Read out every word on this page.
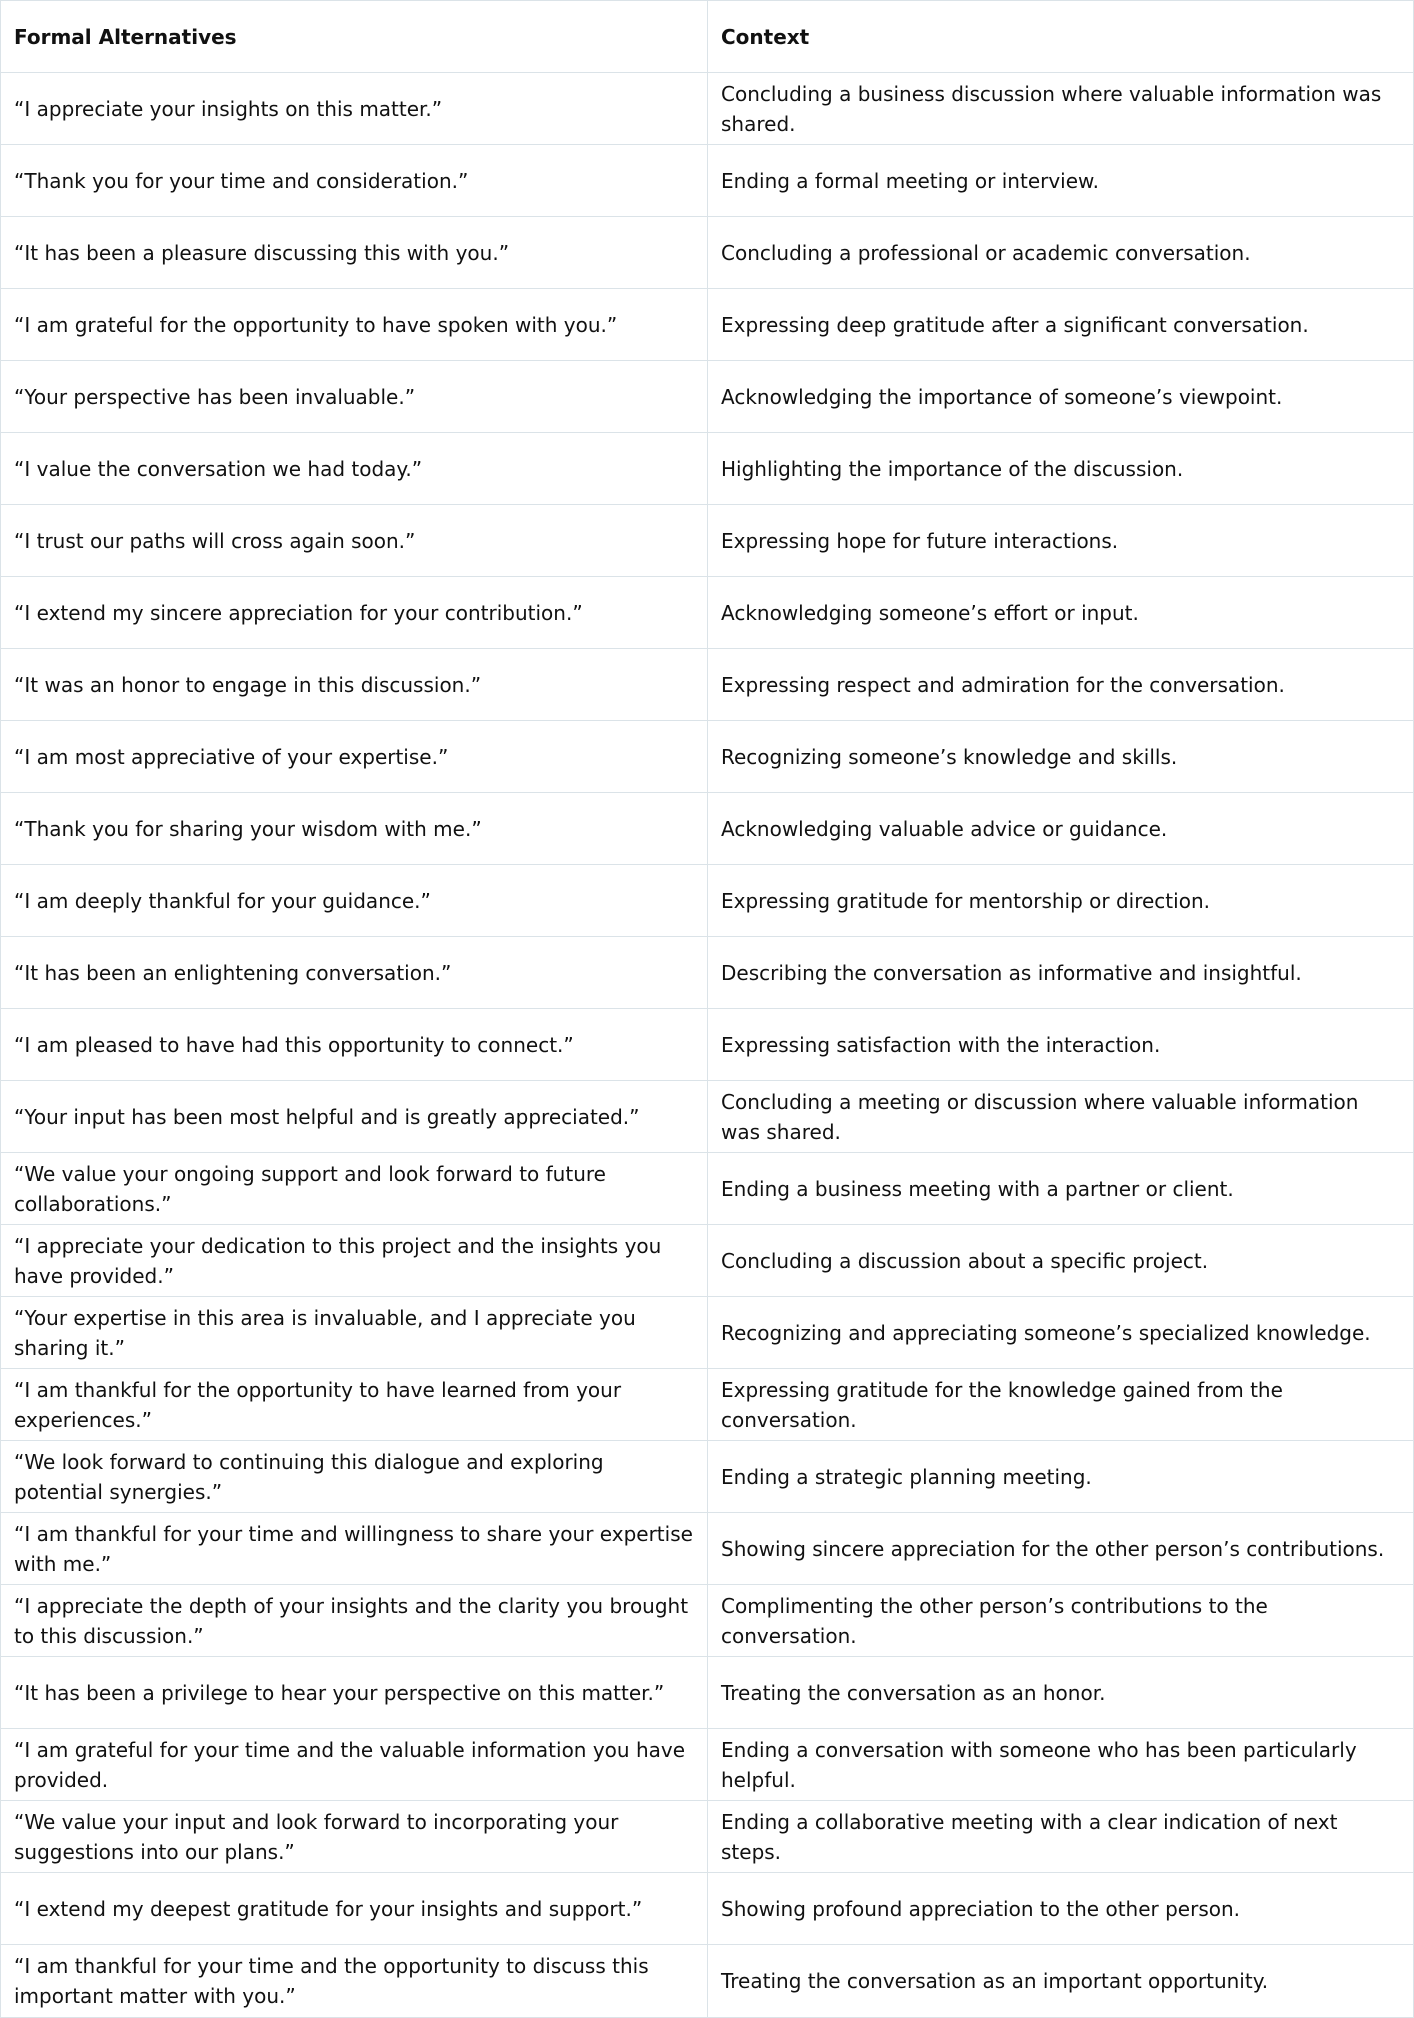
Formal Alternatives	Context
“I appreciate your insights on this matter.”	Concluding a business discussion where valuable information was shared.
“Thank you for your time and consideration.”	Ending a formal meeting or interview.
“It has been a pleasure discussing this with you.”	Concluding a professional or academic conversation.
“I am grateful for the opportunity to have spoken with you.”	Expressing deep gratitude after a significant conversation.
“Your perspective has been invaluable.”	Acknowledging the importance of someone’s viewpoint.
“I value the conversation we had today.”	Highlighting the importance of the discussion.
“I trust our paths will cross again soon.”	Expressing hope for future interactions.
“I extend my sincere appreciation for your contribution.”	Acknowledging someone’s effort or input.
“It was an honor to engage in this discussion.”	Expressing respect and admiration for the conversation.
“I am most appreciative of your expertise.”	Recognizing someone’s knowledge and skills.
“Thank you for sharing your wisdom with me.”	Acknowledging valuable advice or guidance.
“I am deeply thankful for your guidance.”	Expressing gratitude for mentorship or direction.
“It has been an enlightening conversation.”	Describing the conversation as informative and insightful.
“I am pleased to have had this opportunity to connect.”	Expressing satisfaction with the interaction.
“Your input has been most helpful and is greatly appreciated.”	Concluding a meeting or discussion where valuable information was shared.
“We value your ongoing support and look forward to future collaborations.”	Ending a business meeting with a partner or client.
“I appreciate your dedication to this project and the insights you have provided.”	Concluding a discussion about a specific project.
“Your expertise in this area is invaluable, and I appreciate you sharing it.”	Recognizing and appreciating someone’s specialized knowledge.
“I am thankful for the opportunity to have learned from your experiences.”	Expressing gratitude for the knowledge gained from the conversation.
“We look forward to continuing this dialogue and exploring potential synergies.”	Ending a strategic planning meeting.
“I am thankful for your time and willingness to share your expertise with me.”	Showing sincere appreciation for the other person’s contributions.
“I appreciate the depth of your insights and the clarity you brought to this discussion.”	Complimenting the other person’s contributions to the conversation.
“It has been a privilege to hear your perspective on this matter.”	Treating the conversation as an honor.
“I am grateful for your time and the valuable information you have provided.	Ending a conversation with someone who has been particularly helpful.
“We value your input and look forward to incorporating your suggestions into our plans.”	Ending a collaborative meeting with a clear indication of next steps.
“I extend my deepest gratitude for your insights and support.”	Showing profound appreciation to the other person.
“I am thankful for your time and the opportunity to discuss this important matter with you.”	Treating the conversation as an important opportunity.
